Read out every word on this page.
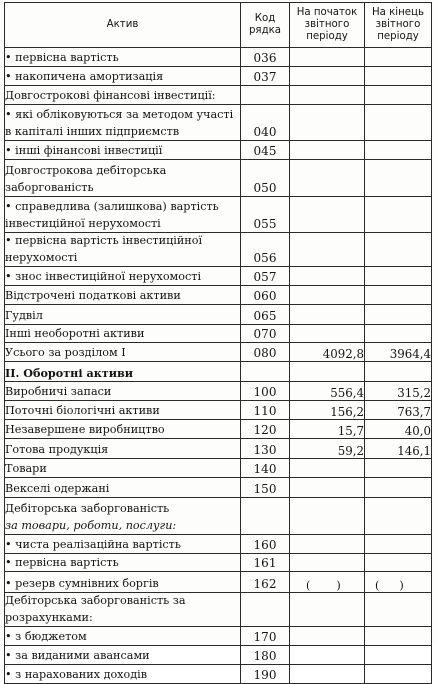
Актив	Код рядка	На початок звітного періоду	На кінець звітного періоду
• первісна вартість	036		
• накопичена амортизація	037		
Довгострокові фінансові інвестиції:			
• які обліковуються за методом участі в капіталі інших підприємств	040		
• інші фінансові інвестиції	045		
Довгострокова дебіторська заборгованість	050		
• справедлива (залишкова) вартість інвестиційної нерухомості	055		
• первісна вартість інвестиційної нерухомості	056		
• знос інвестиційної нерухомості	057		
Відстрочені податкові активи	060		
Гудвіл	065		
Інші необоротні активи	070		
Усього за розділом I	080	4092,8	3964,4
II. Оборотні активи			
Виробничі запаси	100	556,4	315,2
Поточні біологічні активи	110	156,2	763,7
Незавершене виробництво	120	15,7	40,0
Готова продукція	130	59,2	146,1
Товари	140		
Векселі одержані	150		
Дебіторська заборгованість
за товари, роботи, послуги:			
• чиста реалізаційна вартість	160		
• первісна вартість	161		
• резерв сумнівних боргів	162	( )	( )
Дебіторська заборгованість за розрахунками:			
• з бюджетом	170		
• за виданими авансами	180		
• з нарахованих доходів	190		
